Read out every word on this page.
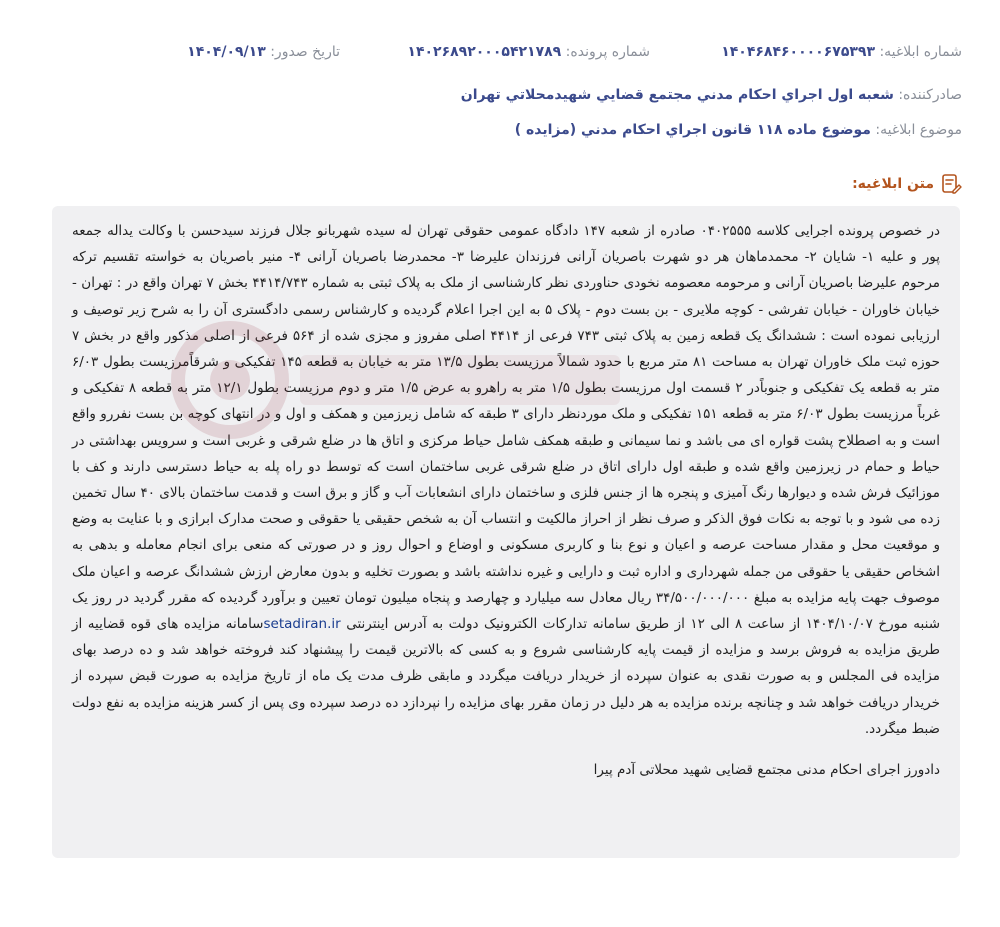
شماره ابلاغيه: ۱۴۰۴۶۸۴۶۰۰۰۰۶۷۵۳۹۳
شماره پرونده: ۱۴۰۲۶۸۹۲۰۰۰۵۴۲۱۷۸۹
تاريخ صدور: ۱۴۰۴/۰۹/۱۳
صادرکننده: شعبه اول اجراي احكام مدني مجتمع قضايي شهيدمحلاتي تهران
موضوع ابلاغيه: موضوع ماده ۱۱۸ قانون اجراي احكام مدني (مزايده )
متن ابلاغیه:

در خصوص پرونده اجرایی کلاسه ۰۴۰۲۵۵۵ صادره از شعبه ۱۴۷ دادگاه عمومی حقوقی تهران له سیده شهربانو جلال فرزند سیدحسن با وکالت یداله جمعه پور و علیه ۱- شایان ۲- محمدماهان هر دو شهرت باصریان آرانی فرزندان علیرضا ۳- محمدرضا باصریان آرانی ۴- منیر باصریان به خواسته تقسیم ترکه مرحوم علیرضا باصریان آرانی و مرحومه معصومه نخودی حناوردی نظر کارشناسی از ملک به پلاک ثبتی به شماره ۴۴۱۴/۷۴۳ بخش ۷ تهران واقع در : تهران - خیابان خاوران - خیابان تفرشی - کوچه ملایری - بن بست دوم - پلاک ۵ به این اجرا اعلام گردیده و کارشناس رسمی دادگستری آن را به شرح زیر توصیف و ارزیابی نموده است : ششدانگ یک قطعه زمین به پلاک ثبتی ۷۴۳ فرعی از ۴۴۱۴ اصلی مفروز و مجزی شده از ۵۶۴ فرعی از اصلی مذکور واقع در بخش ۷ حوزه ثبت ملک خاوران تهران به مساحت ۸۱ متر مربع با حدود شمالاً مرزیست بطول ۱۳/۵ متر به خیابان به قطعه ۱۴۵ تفکیکی و شرقاًمرزیست بطول ۶/۰۳ متر به قطعه یک تفکیکی و جنوباًدر ۲ قسمت اول مرزیست بطول ۱/۵ متر به راهرو به عرض ۱/۵ متر و دوم مرزیست بطول ۱۲/۱ متر به قطعه ۸ تفکیکی و غرباً مرزیست بطول ۶/۰۳ متر به قطعه ۱۵۱ تفکیکی و ملک موردنظر دارای ۳ طبقه که شامل زیرزمین و همکف و اول و در انتهای کوچه بن بست نفررو واقع است و به اصطلاح پشت قواره ای می باشد و نما سیمانی و طبقه همکف شامل حیاط مرکزی و اتاق ها در ضلع شرقی و غربی است و سرویس بهداشتی در حیاط و حمام در زیرزمین واقع شده و طبقه اول دارای اتاق در ضلع شرقی غربی ساختمان است که توسط دو راه پله به حیاط دسترسی دارند و کف با موزائیک فرش شده و دیوارها رنگ آمیزی و پنجره ها از جنس فلزی و ساختمان دارای انشعابات آب و گاز و برق است و قدمت ساختمان بالای ۴۰ سال تخمین زده می شود و با توجه به نکات فوق الذکر و صرف نظر از احراز مالکیت و انتساب آن به شخص حقیقی یا حقوقی و صحت مدارک ابرازی و با عنایت به وضع و موقعیت محل و مقدار مساحت عرصه و اعیان و نوع بنا و کاربری مسکونی و اوضاع و احوال روز و در صورتی که منعی برای انجام معامله و بدهی به اشخاص حقیقی یا حقوقی من جمله شهرداری و اداره ثبت و دارایی و غیره نداشته باشد و بصورت تخلیه و بدون معارض ارزش ششدانگ عرصه و اعیان ملک موصوف جهت پایه مزایده به مبلغ ۳۴/۵۰۰/۰۰۰/۰۰۰ ریال معادل سه میلیارد و چهارصد و پنجاه میلیون تومان تعیین و برآورد گردیده که مقرر گردید در روز یک شنبه مورخ ۱۴۰۴/۱۰/۰۷ از ساعت ۸ الی ۱۲ از طریق سامانه تدارکات الکترونیک دولت به آدرس اینترنتی setadiran.irسامانه مزایده های قوه قضاییه از طریق مزایده به فروش برسد و مزایده از قیمت پایه کارشناسی شروع و به کسی که بالاترین قیمت را پیشنهاد کند فروخته خواهد شد و ده درصد بهای مزایده فی المجلس و به صورت نقدی به عنوان سپرده از خریدار دریافت میگردد و مابقی ظرف مدت یک ماه از تاریخ مزایده به صورت قبض سپرده از خریدار دریافت خواهد شد و چنانچه برنده مزایده به هر دلیل در زمان مقرر بهای مزایده را نپردازد ده درصد سپرده وی پس از کسر هزینه مزایده به نفع دولت ضبط میگردد.

دادورز اجرای احکام مدنی مجتمع قضایی شهید محلاتی آدم پیرا
